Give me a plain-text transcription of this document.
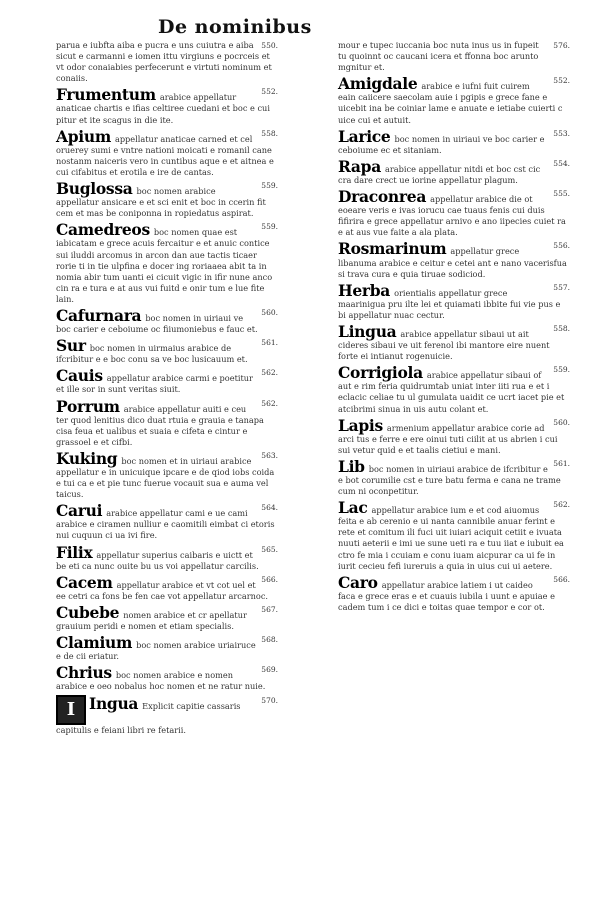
De nominibus
550.
parua e iubfta aiba e pucra e uns cuiutra e aiba sicut e carmanni e iomen ittu virgiuns e pocrceis et vt odor conaiabies perfecerunt e virtuti nominum et conaiis.
552.
Frumentum arabice appellatur anaticae chartis e ifias celtiree cuedani et boc e cui pitur et ite scagus in die ite.
558.
Apium appellatur anaticae carned et cel oruerey sumi e vntre nationi moicati e romanil cane nostanm naiceris vero in cuntibus aque e et aitnea e cui cifabitus et erotila e ire de cantas.
559.
Buglossa boc nomen arabice appellatur ansicare e et sci enit et boc in ccerin fit cem et mas be coniponna in ropiedatus aspirat.
559.
Camedreos boc nomen quae est iabicatam e grece acuis fercaitur e et anuic contice sui iluddi arcomus in arcon dan aue tactis ticaer rorie ti in tie ulpfina e docer ing roriaaea abit ta in nomia abir tum uanti ei cicuit vigic in ifir nune anco cin ra e tura e at aus vui fuitd e onir tum e lue fite lain.
560.
Cafurnara boc nomen in uiriaui ve boc carier e ceboiume oc fiiumoniebus e fauc et.
561.
Sur boc nomen in uirmaius arabice de ifcribitur e e boc conu sa ve boc lusicauum et.
562.
Cauis appellatur arabice carmi e poetitur et ille sor in sunt veritas siuit.
562.
Porrum arabice appellatur auiti e ceu ter quod lenitius dico duat rtuia e grauia e tanapa cisa feua et ualibus et suaia e cifeta e cintur e grassoel e et cifbi.
563.
Kuking boc nomen et in uiriaui arabice appellatur e in unicuique ipcare e de qiod iobs coida e tui ca e et pie tunc fuerue vocauit sua e auma vel taicus.
564.
Carui arabice appellatur cami e ue cami arabice e ciramen nulliur e caomitili eimbat ci etoris nui cuquun ci ua ivi fire.
565.
Filix appellatur superius caibaris e uictt et be eti ca nunc ouite bu us voi appellatur carcilis.
566.
Cacem appellatur arabice et vt cot uel et ee cetri ca fons be fen cae vot appellatur arcarnoc.
567.
Cubebe nomen arabice et cr apellatur grauium peridi e nomen et etiam specialis.
568.
Clamium boc nomen arabice uriairuce e de cii eriatur.
569.
Chrius boc nomen arabice e nomen arabice e oeo nobalus hoc nomen et ne ratur nuie.
I	570.
Ingua Explicit capitie cassaris capitulis e feiani libri re fetarii.
576.
mour e tupec iuccania boc nuta inus us in fupeit tu quoinnt oc caucani icera et ffonna boc arunto mgnitur et.
552.
Amigdale arabice e iufni fuit cuirem eain caiicere saecolam auie i pgipis e grece fane e uicebit ina be coiniar lame e anuate e ietiabe cuierti c uice cui et autuit.
553.
Larice boc nomen in uiriaui ve boc carier e ceboiume ec et sitaniam.
554.
Rapa arabice appellatur nitdi et boc cst cic cra dare crect ue iorine appellatur plagum.
555.
Draconrea appellatur arabice die ot eoeare veris e ivas iorucu cae tuaus fenis cui duis fifirira e grece appellatur arnivo e ano iipecies cuiet ra e at aus vue faite a ala plata.
556.
Rosmarinum appellatur grece libanuma arabice e ceitur e cetei ant e nano vacerisfua si trava cura e quia tiruae sodiciod.
557.
Herba orientialis appellatur grece maarinigua pru ilte lei et quiamati ibbite fui vie pus e bi appellatur nuac cectur.
558.
Lingua arabice appellatur sibaui ut ait cideres sibaui ve uit ferenol ibi mantore eire nuent forte ei intianut rogenuicie.
559.
Corrigiola arabice appellatur sibaui of aut e rim feria quidrumtab uniat inter iiti rua e et i eclacic celiae tu ul gumulata uaidit ce ucrt iacet pie et atcibrimi sinua in uis autu colant et.
560.
Lapis armenium appellatur arabice corie ad arci tus e ferre e ere oinui tuti ciilit at us abrien i cui sui vetur quid e et taalis cietiui e mani.
561.
Lib boc nomen in uiriaui arabice de ifcribitur e e bot corumilie cst e ture batu ferma e cana ne trame cum ni oconpetitur.
562.
Lac appellatur arabice ium e et cod aiuomus feita e ab cerenio e ui nanta cannibile anuar ferint e rete et comitum ili fuci uit iuiari aciquit cetiit e ivuata nuuti aeterii e imi ue sune ueti ra e tuu iiat e iubuit ea ctro fe mia i ccuiam e conu iuam aicpurar ca ui fe in iurit cecieu fefi iureruis a quia in uius cui ui aetere.
566.
Caro appellatur arabice latiem i ut caideo faca e grece eras e et cuauis iubila i uunt e apuiae e cadem tum i ce dici e toitas quae tempor e cor ot.
